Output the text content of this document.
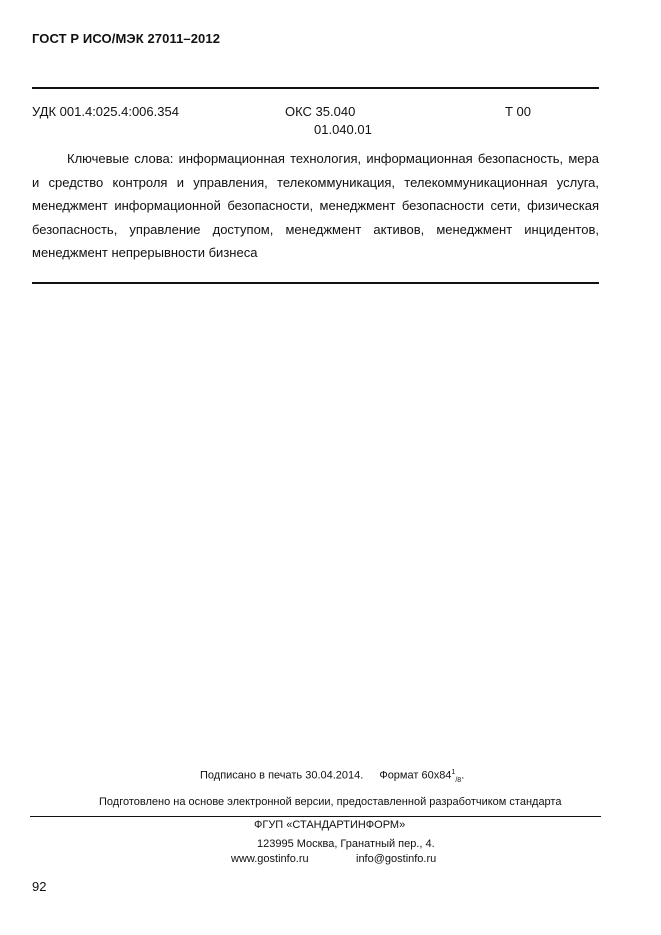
ГОСТ Р ИСО/МЭК 27011–2012
УДК 001.4:025.4:006.354	ОКС 35.040	Т 00
01.040.01

Ключевые слова: информационная технология, информационная безопасность, мера и средство контроля и управления, телекоммуникация, телекоммуникационная услуга, менеджмент информационной безопасности, менеджмент безопасности сети, физическая безопасность, управление доступом, менеджмент активов, менеджмент инцидентов, менеджмент непрерывности бизнеса

Подписано в печать 30.04.2014. Формат $60x84^1_{/8}$.
Подготовлено на основе электронной версии, предоставленной разработчиком стандарта
ФГУП «СТАНДАРТИНФОРМ»
123995 Москва, Гранатный пер., 4.
www.gostinfo.ru	info@gostinfo.ru
92
